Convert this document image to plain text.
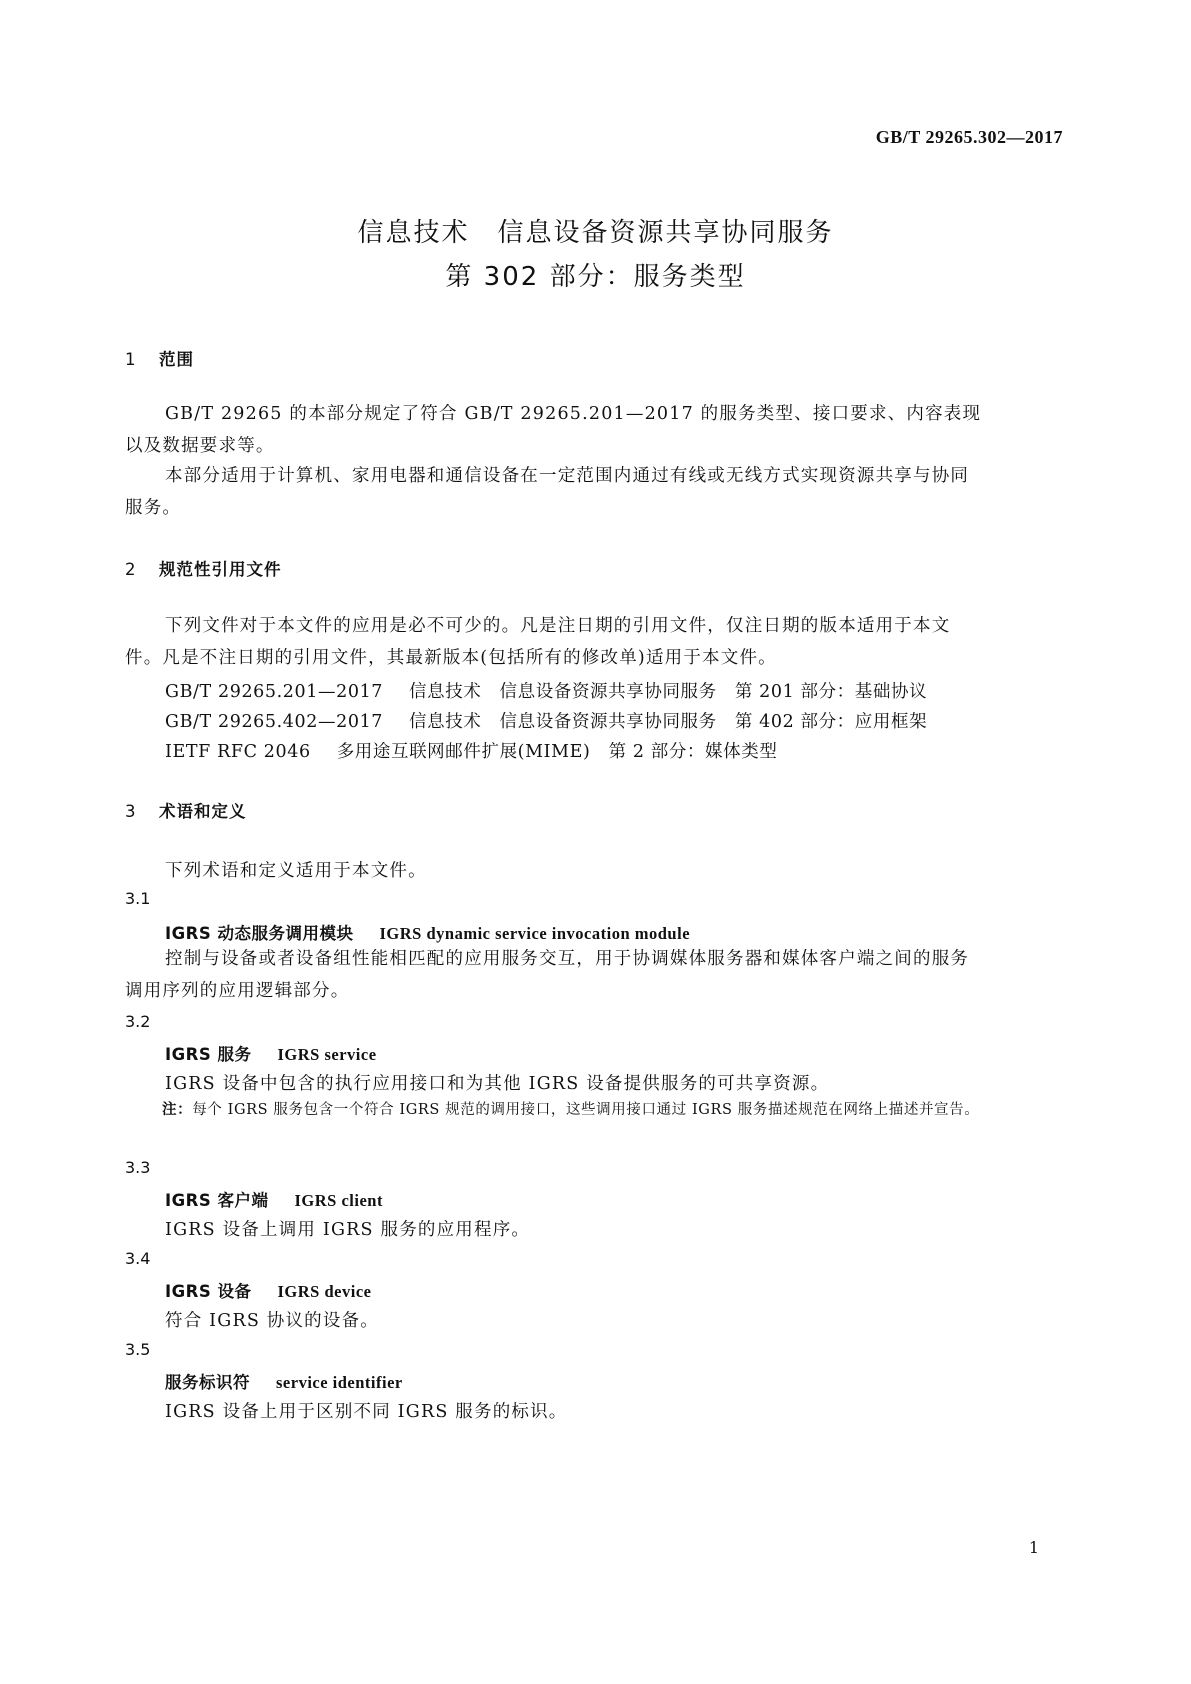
GB/T 29265.302—2017
信息技术　信息设备资源共享协同服务
第 302 部分：服务类型
1 范围
GB/T 29265 的本部分规定了符合 GB/T 29265.201—2017 的服务类型、接口要求、内容表现以及数据要求等。
本部分适用于计算机、家用电器和通信设备在一定范围内通过有线或无线方式实现资源共享与协同服务。
2 规范性引用文件
下列文件对于本文件的应用是必不可少的。凡是注日期的引用文件，仅注日期的版本适用于本文件。凡是不注日期的引用文件，其最新版本(包括所有的修改单)适用于本文件。
GB/T 29265.201—2017 信息技术　信息设备资源共享协同服务　第 201 部分：基础协议
GB/T 29265.402—2017 信息技术　信息设备资源共享协同服务　第 402 部分：应用框架
IETF RFC 2046 多用途互联网邮件扩展(MIME)　第 2 部分：媒体类型
3 术语和定义
下列术语和定义适用于本文件。
3.1
IGRS 动态服务调用模块 IGRS dynamic service invocation module
控制与设备或者设备组性能相匹配的应用服务交互，用于协调媒体服务器和媒体客户端之间的服务调用序列的应用逻辑部分。
3.2
IGRS 服务 IGRS service
IGRS 设备中包含的执行应用接口和为其他 IGRS 设备提供服务的可共享资源。
注：每个 IGRS 服务包含一个符合 IGRS 规范的调用接口，这些调用接口通过 IGRS 服务描述规范在网络上描述并宣告。
3.3
IGRS 客户端 IGRS client
IGRS 设备上调用 IGRS 服务的应用程序。
3.4
IGRS 设备 IGRS device
符合 IGRS 协议的设备。
3.5
服务标识符 service identifier
IGRS 设备上用于区别不同 IGRS 服务的标识。
1
